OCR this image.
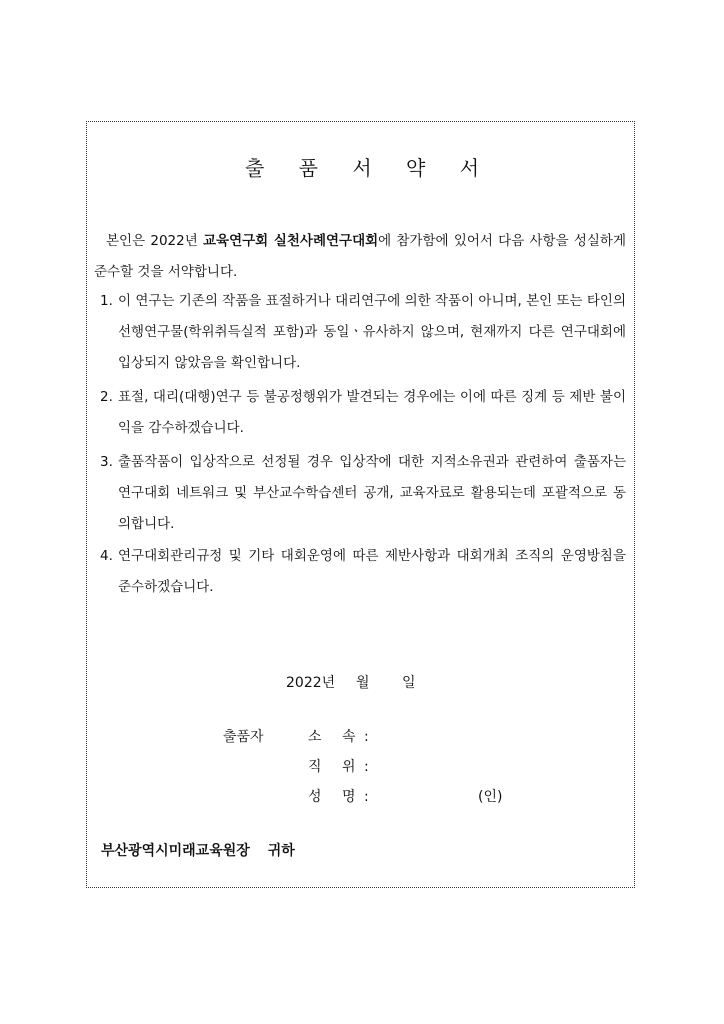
출 품 서 약 서
본인은 2022년 교육연구회 실천사례연구대회에 참가함에 있어서 다음 사항을 성실하게 준수할 것을 서약합니다.
1. 이 연구는 기존의 작품을 표절하거나 대리연구에 의한 작품이 아니며, 본인 또는 타인의 선행연구물(학위취득실적 포함)과 동일ㆍ유사하지 않으며, 현재까지 다른 연구대회에 입상되지 않았음을 확인합니다.
2. 표절, 대리(대행)연구 등 불공정행위가 발견되는 경우에는 이에 따른 징계 등 제반 불이익을 감수하겠습니다.
3. 출품작품이 입상작으로 선정될 경우 입상작에 대한 지적소유권과 관련하여 출품자는 연구대회 네트워크 및 부산교수학습센터 공개, 교육자료로 활용되는데 포괄적으로 동의합니다.
4. 연구대회관리규정 및 기타 대회운영에 따른 제반사항과 대회개최 조직의 운영방침을 준수하겠습니다.
2022년 월 일
출품자	소 속 :
직 위 :
성 명 :	(인)
부산광역시미래교육원장 귀하
